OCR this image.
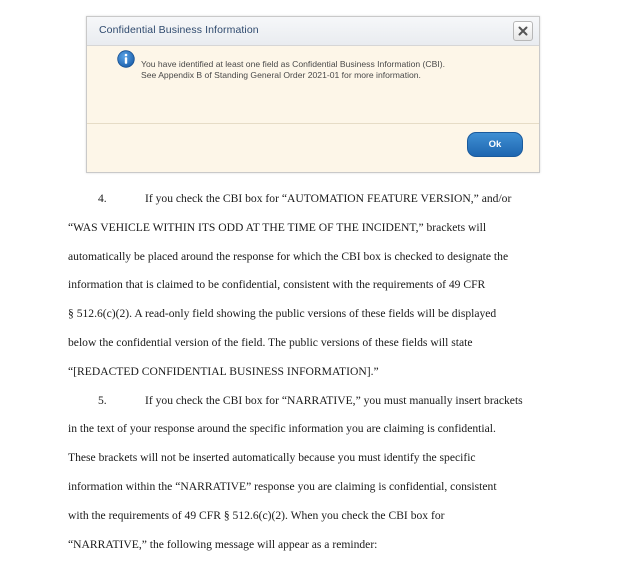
Confidential Business Information
You have identified at least one field as Confidential Business Information (CBI).
See Appendix B of Standing General Order 2021-01 for more information.
Ok
4.	If you check the CBI box for “AUTOMATION FEATURE VERSION,” and/or
“WAS VEHICLE WITHIN ITS ODD AT THE TIME OF THE INCIDENT,” brackets will
automatically be placed around the response for which the CBI box is checked to designate the
information that is claimed to be confidential, consistent with the requirements of 49 CFR
§ 512.6(c)(2). A read-only field showing the public versions of these fields will be displayed
below the confidential version of the field. The public versions of these fields will state
“[REDACTED CONFIDENTIAL BUSINESS INFORMATION].”
5.	If you check the CBI box for “NARRATIVE,” you must manually insert brackets
in the text of your response around the specific information you are claiming is confidential.
These brackets will not be inserted automatically because you must identify the specific
information within the “NARRATIVE” response you are claiming is confidential, consistent
with the requirements of 49 CFR § 512.6(c)(2). When you check the CBI box for
“NARRATIVE,” the following message will appear as a reminder:
